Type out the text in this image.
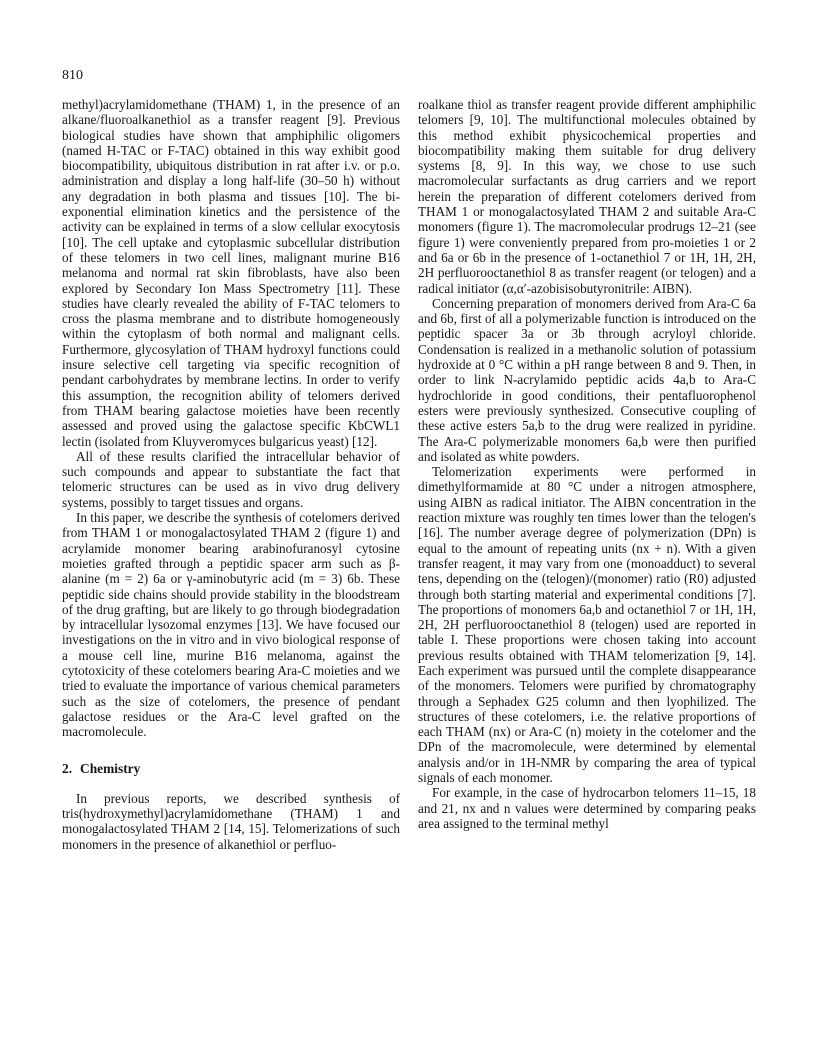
810

methyl)acrylamidomethane (THAM) 1, in the presence of an alkane/fluoroalkanethiol as a transfer reagent [9]. Previous biological studies have shown that amphiphilic oligomers (named H-TAC or F-TAC) obtained in this way exhibit good biocompatibility, ubiquitous distribution in rat after i.v. or p.o. administration and display a long half-life (30–50 h) without any degradation in both plasma and tissues [10]. The bi-exponential elimination kinetics and the persistence of the activity can be explained in terms of a slow cellular exocytosis [10]. The cell uptake and cytoplasmic subcellular distribution of these telomers in two cell lines, malignant murine B16 melanoma and normal rat skin fibroblasts, have also been explored by Secondary Ion Mass Spectrometry [11]. These studies have clearly revealed the ability of F-TAC telomers to cross the plasma membrane and to distribute homogeneously within the cytoplasm of both normal and malignant cells. Furthermore, glycosylation of THAM hydroxyl functions could insure selective cell targeting via specific recognition of pendant carbohydrates by membrane lectins. In order to verify this assumption, the recognition ability of telomers derived from THAM bearing galactose moieties have been recently assessed and proved using the galactose specific KbCWL1 lectin (isolated from Kluyveromyces bulgaricus yeast) [12].

All of these results clarified the intracellular behavior of such compounds and appear to substantiate the fact that telomeric structures can be used as in vivo drug delivery systems, possibly to target tissues and organs.

In this paper, we describe the synthesis of cotelomers derived from THAM 1 or monogalactosylated THAM 2 (figure 1) and acrylamide monomer bearing arabinofuranosyl cytosine moieties grafted through a peptidic spacer arm such as β-alanine (m = 2) 6a or γ-aminobutyric acid (m = 3) 6b. These peptidic side chains should provide stability in the bloodstream of the drug grafting, but are likely to go through biodegradation by intracellular lysozomal enzymes [13]. We have focused our investigations on the in vitro and in vivo biological response of a mouse cell line, murine B16 melanoma, against the cytotoxicity of these cotelomers bearing Ara-C moieties and we tried to evaluate the importance of various chemical parameters such as the size of cotelomers, the presence of pendant galactose residues or the Ara-C level grafted on the macromolecule.

2. Chemistry

In previous reports, we described synthesis of tris(hydroxymethyl)acrylamidomethane (THAM) 1 and monogalactosylated THAM 2 [14, 15]. Telomerizations of such monomers in the presence of alkanethiol or perfluo-

roalkane thiol as transfer reagent provide different amphiphilic telomers [9, 10]. The multifunctional molecules obtained by this method exhibit physicochemical properties and biocompatibility making them suitable for drug delivery systems [8, 9]. In this way, we chose to use such macromolecular surfactants as drug carriers and we report herein the preparation of different cotelomers derived from THAM 1 or monogalactosylated THAM 2 and suitable Ara-C monomers (figure 1). The macromolecular prodrugs 12–21 (see figure 1) were conveniently prepared from pro-moieties 1 or 2 and 6a or 6b in the presence of 1-octanethiol 7 or 1H, 1H, 2H, 2H perfluorooctanethiol 8 as transfer reagent (or telogen) and a radical initiator (α,α′-azobisisobutyronitrile: AIBN).

Concerning preparation of monomers derived from Ara-C 6a and 6b, first of all a polymerizable function is introduced on the peptidic spacer 3a or 3b through acryloyl chloride. Condensation is realized in a methanolic solution of potassium hydroxide at 0 °C within a pH range between 8 and 9. Then, in order to link N-acrylamido peptidic acids 4a,b to Ara-C hydrochloride in good conditions, their pentafluorophenol esters were previously synthesized. Consecutive coupling of these active esters 5a,b to the drug were realized in pyridine. The Ara-C polymerizable monomers 6a,b were then purified and isolated as white powders.

Telomerization experiments were performed in dimethylformamide at 80 °C under a nitrogen atmosphere, using AIBN as radical initiator. The AIBN concentration in the reaction mixture was roughly ten times lower than the telogen's [16]. The number average degree of polymerization (DPn) is equal to the amount of repeating units (nx + n). With a given transfer reagent, it may vary from one (monoadduct) to several tens, depending on the (telogen)/(monomer) ratio (R0) adjusted through both starting material and experimental conditions [7]. The proportions of monomers 6a,b and octanethiol 7 or 1H, 1H, 2H, 2H perfluorooctanethiol 8 (telogen) used are reported in table I. These proportions were chosen taking into account previous results obtained with THAM telomerization [9, 14]. Each experiment was pursued until the complete disappearance of the monomers. Telomers were purified by chromatography through a Sephadex G25 column and then lyophilized. The structures of these cotelomers, i.e. the relative proportions of each THAM (nx) or Ara-C (n) moiety in the cotelomer and the DPn of the macromolecule, were determined by elemental analysis and/or in 1H-NMR by comparing the area of typical signals of each monomer.

For example, in the case of hydrocarbon telomers 11–15, 18 and 21, nx and n values were determined by comparing peaks area assigned to the terminal methyl
